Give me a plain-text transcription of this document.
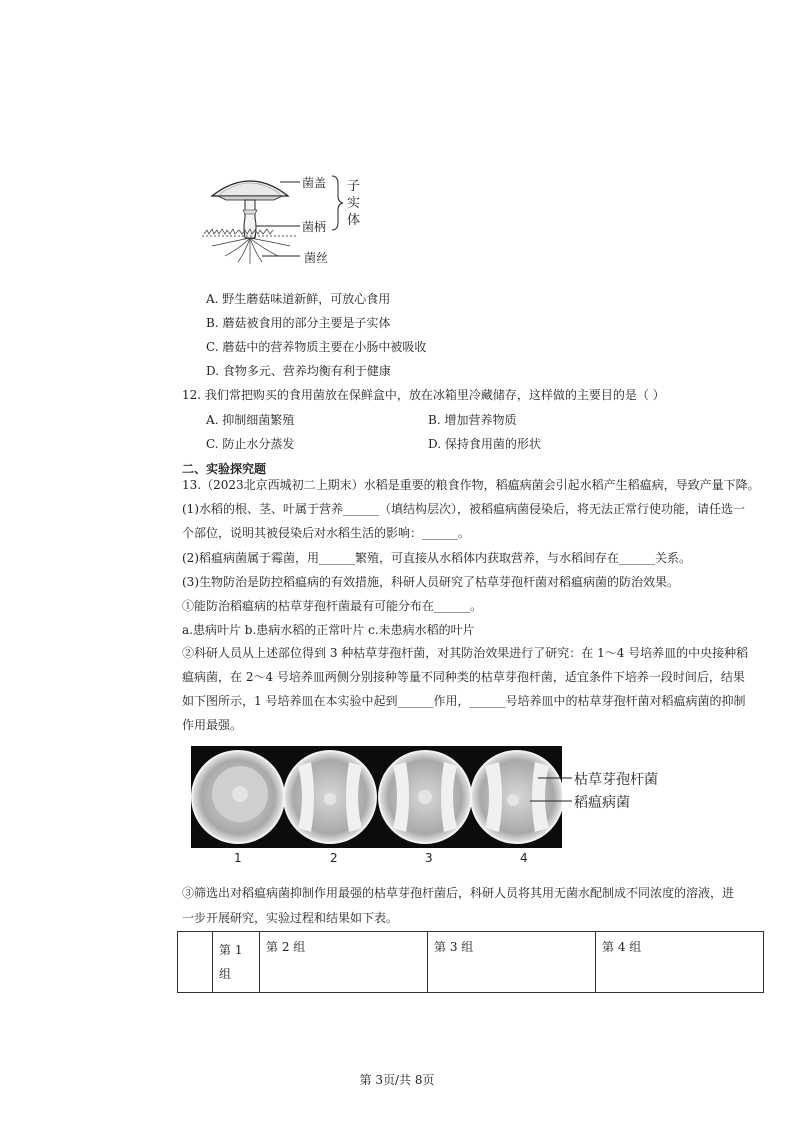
菌盖
菌柄
菌丝
子实体
A. 野生蘑菇味道新鲜，可放心食用
B. 蘑菇被食用的部分主要是子实体
C. 蘑菇中的营养物质主要在小肠中被吸收
D. 食物多元、营养均衡有利于健康
12. 我们常把购买的食用菌放在保鲜盒中，放在冰箱里冷藏储存，这样做的主要目的是（ ）
A. 抑制细菌繁殖	B. 增加营养物质
C. 防止水分蒸发	D. 保持食用菌的形状
二、实验探究题
13.（2023北京西城初二上期末）水稻是重要的粮食作物，稻瘟病菌会引起水稻产生稻瘟病，导致产量下降。
(1)水稻的根、茎、叶属于营养______（填结构层次），被稻瘟病菌侵染后，将无法正常行使功能，请任选一
个部位，说明其被侵染后对水稻生活的影响：______。
(2)稻瘟病菌属于霉菌，用______繁殖，可直接从水稻体内获取营养，与水稻间存在______关系。
(3)生物防治是防控稻瘟病的有效措施，科研人员研究了枯草芽孢杆菌对稻瘟病菌的防治效果。
①能防治稻瘟病的枯草芽孢杆菌最有可能分布在______。
a.患病叶片 b.患病水稻的正常叶片 c.未患病水稻的叶片
②科研人员从上述部位得到 3 种枯草芽孢杆菌，对其防治效果进行了研究：在 1～4 号培养皿的中央接种稻
瘟病菌，在 2～4 号培养皿两侧分别接种等量不同种类的枯草芽孢杆菌，适宜条件下培养一段时间后，结果
如下图所示，1 号培养皿在本实验中起到______作用，______号培养皿中的枯草芽孢杆菌对稻瘟病菌的抑制
作用最强。
枯草芽孢杆菌
稻瘟病菌
1	2	3	4
③筛选出对稻瘟病菌抑制作用最强的枯草芽孢杆菌后，科研人员将其用无菌水配制成不同浓度的溶液，进
一步开展研究，实验过程和结果如下表。
	第 1 组	第 2 组	第 3 组	第 4 组
第 3页/共 8页
